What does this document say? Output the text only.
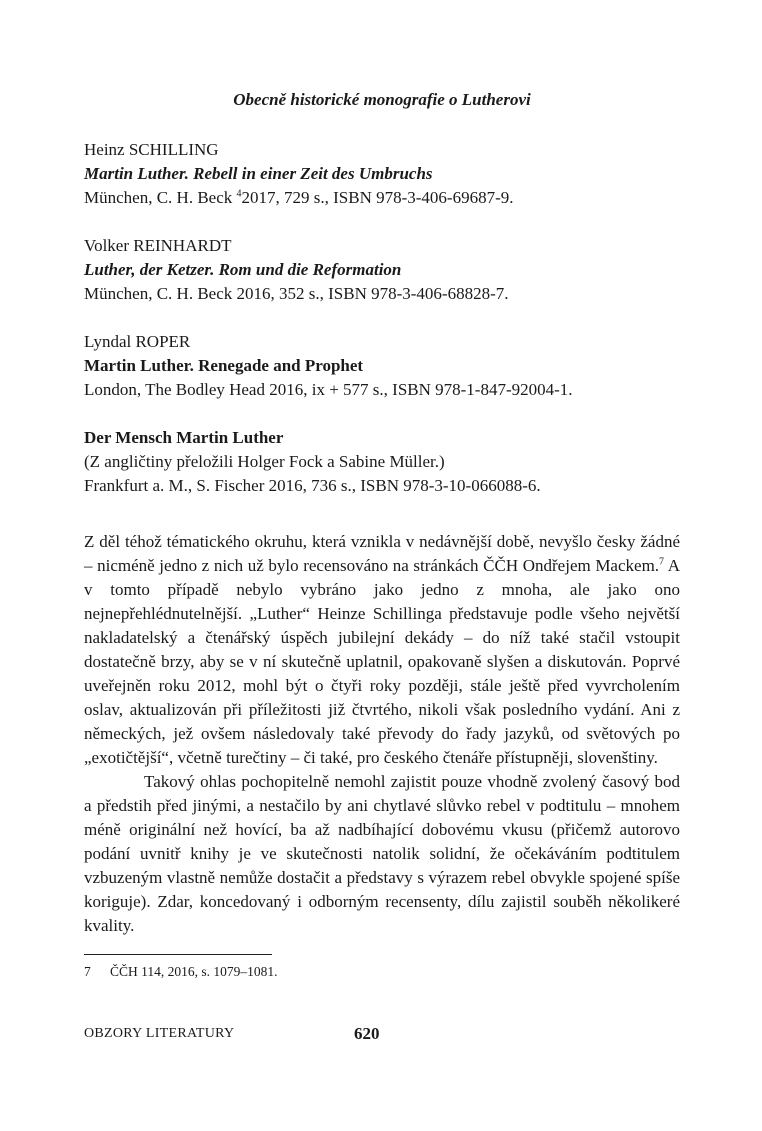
Obecně historické monografie o Lutherovi
Heinz SCHILLING
Martin Luther. Rebell in einer Zeit des Umbruchs
München, C. H. Beck $^4$2017, 729 s., ISBN 978-3-406-69687-9.
Volker REINHARDT
Luther, der Ketzer. Rom und die Reformation
München, C. H. Beck 2016, 352 s., ISBN 978-3-406-68828-7.
Lyndal ROPER
Martin Luther. Renegade and Prophet
London, The Bodley Head 2016, ix + 577 s., ISBN 978-1-847-92004-1.
Der Mensch Martin Luther
(Z angličtiny přeložili Holger Fock a Sabine Müller.)
Frankfurt a. M., S. Fischer 2016, 736 s., ISBN 978-3-10-066088-6.

Z děl téhož tématického okruhu, která vznikla v nedávnější době, nevyšlo česky žádné – nicméně jedno z nich už bylo recensováno na stránkách ČČH Ondřejem Mackem.$^7$ A v tomto případě nebylo vybráno jako jedno z mnoha, ale jako ono nejnepřehlédnutelnější. „Luther“ Heinze Schillinga představuje podle všeho největší nakladatelský a čtenářský úspěch jubilejní dekády – do níž také stačil vstoupit dostatečně brzy, aby se v ní skutečně uplatnil, opakovaně slyšen a diskutován. Poprvé uveřejněn roku 2012, mohl být o čtyři roky později, stále ještě před vyvrcholením oslav, aktualizován při příležitosti již čtvrtého, nikoli však posledního vydání. Ani z německých, jež ovšem následovaly také převody do řady jazyků, od světových po „exotičtější“, včetně turečtiny – či také, pro českého čtenáře přístupněji, slovenštiny.

Takový ohlas pochopitelně nemohl zajistit pouze vhodně zvolený časový bod a předstih před jinými, a nestačilo by ani chytlavé slůvko rebel v podtitulu – mnohem méně originální než hovící, ba až nadbíhající dobovému vkusu (přičemž autorovo podání uvnitř knihy je ve skutečnosti natolik solidní, že očekáváním podtitulem vzbuzeným vlastně nemůže dostačit a představy s výrazem rebel obvykle spojené spíše koriguje). Zdar, koncedovaný i odborným recensenty, dílu zajistil souběh několikeré kvality.

7 ČČH 114, 2016, s. 1079–1081.
OBZORY LITERATURY	620
